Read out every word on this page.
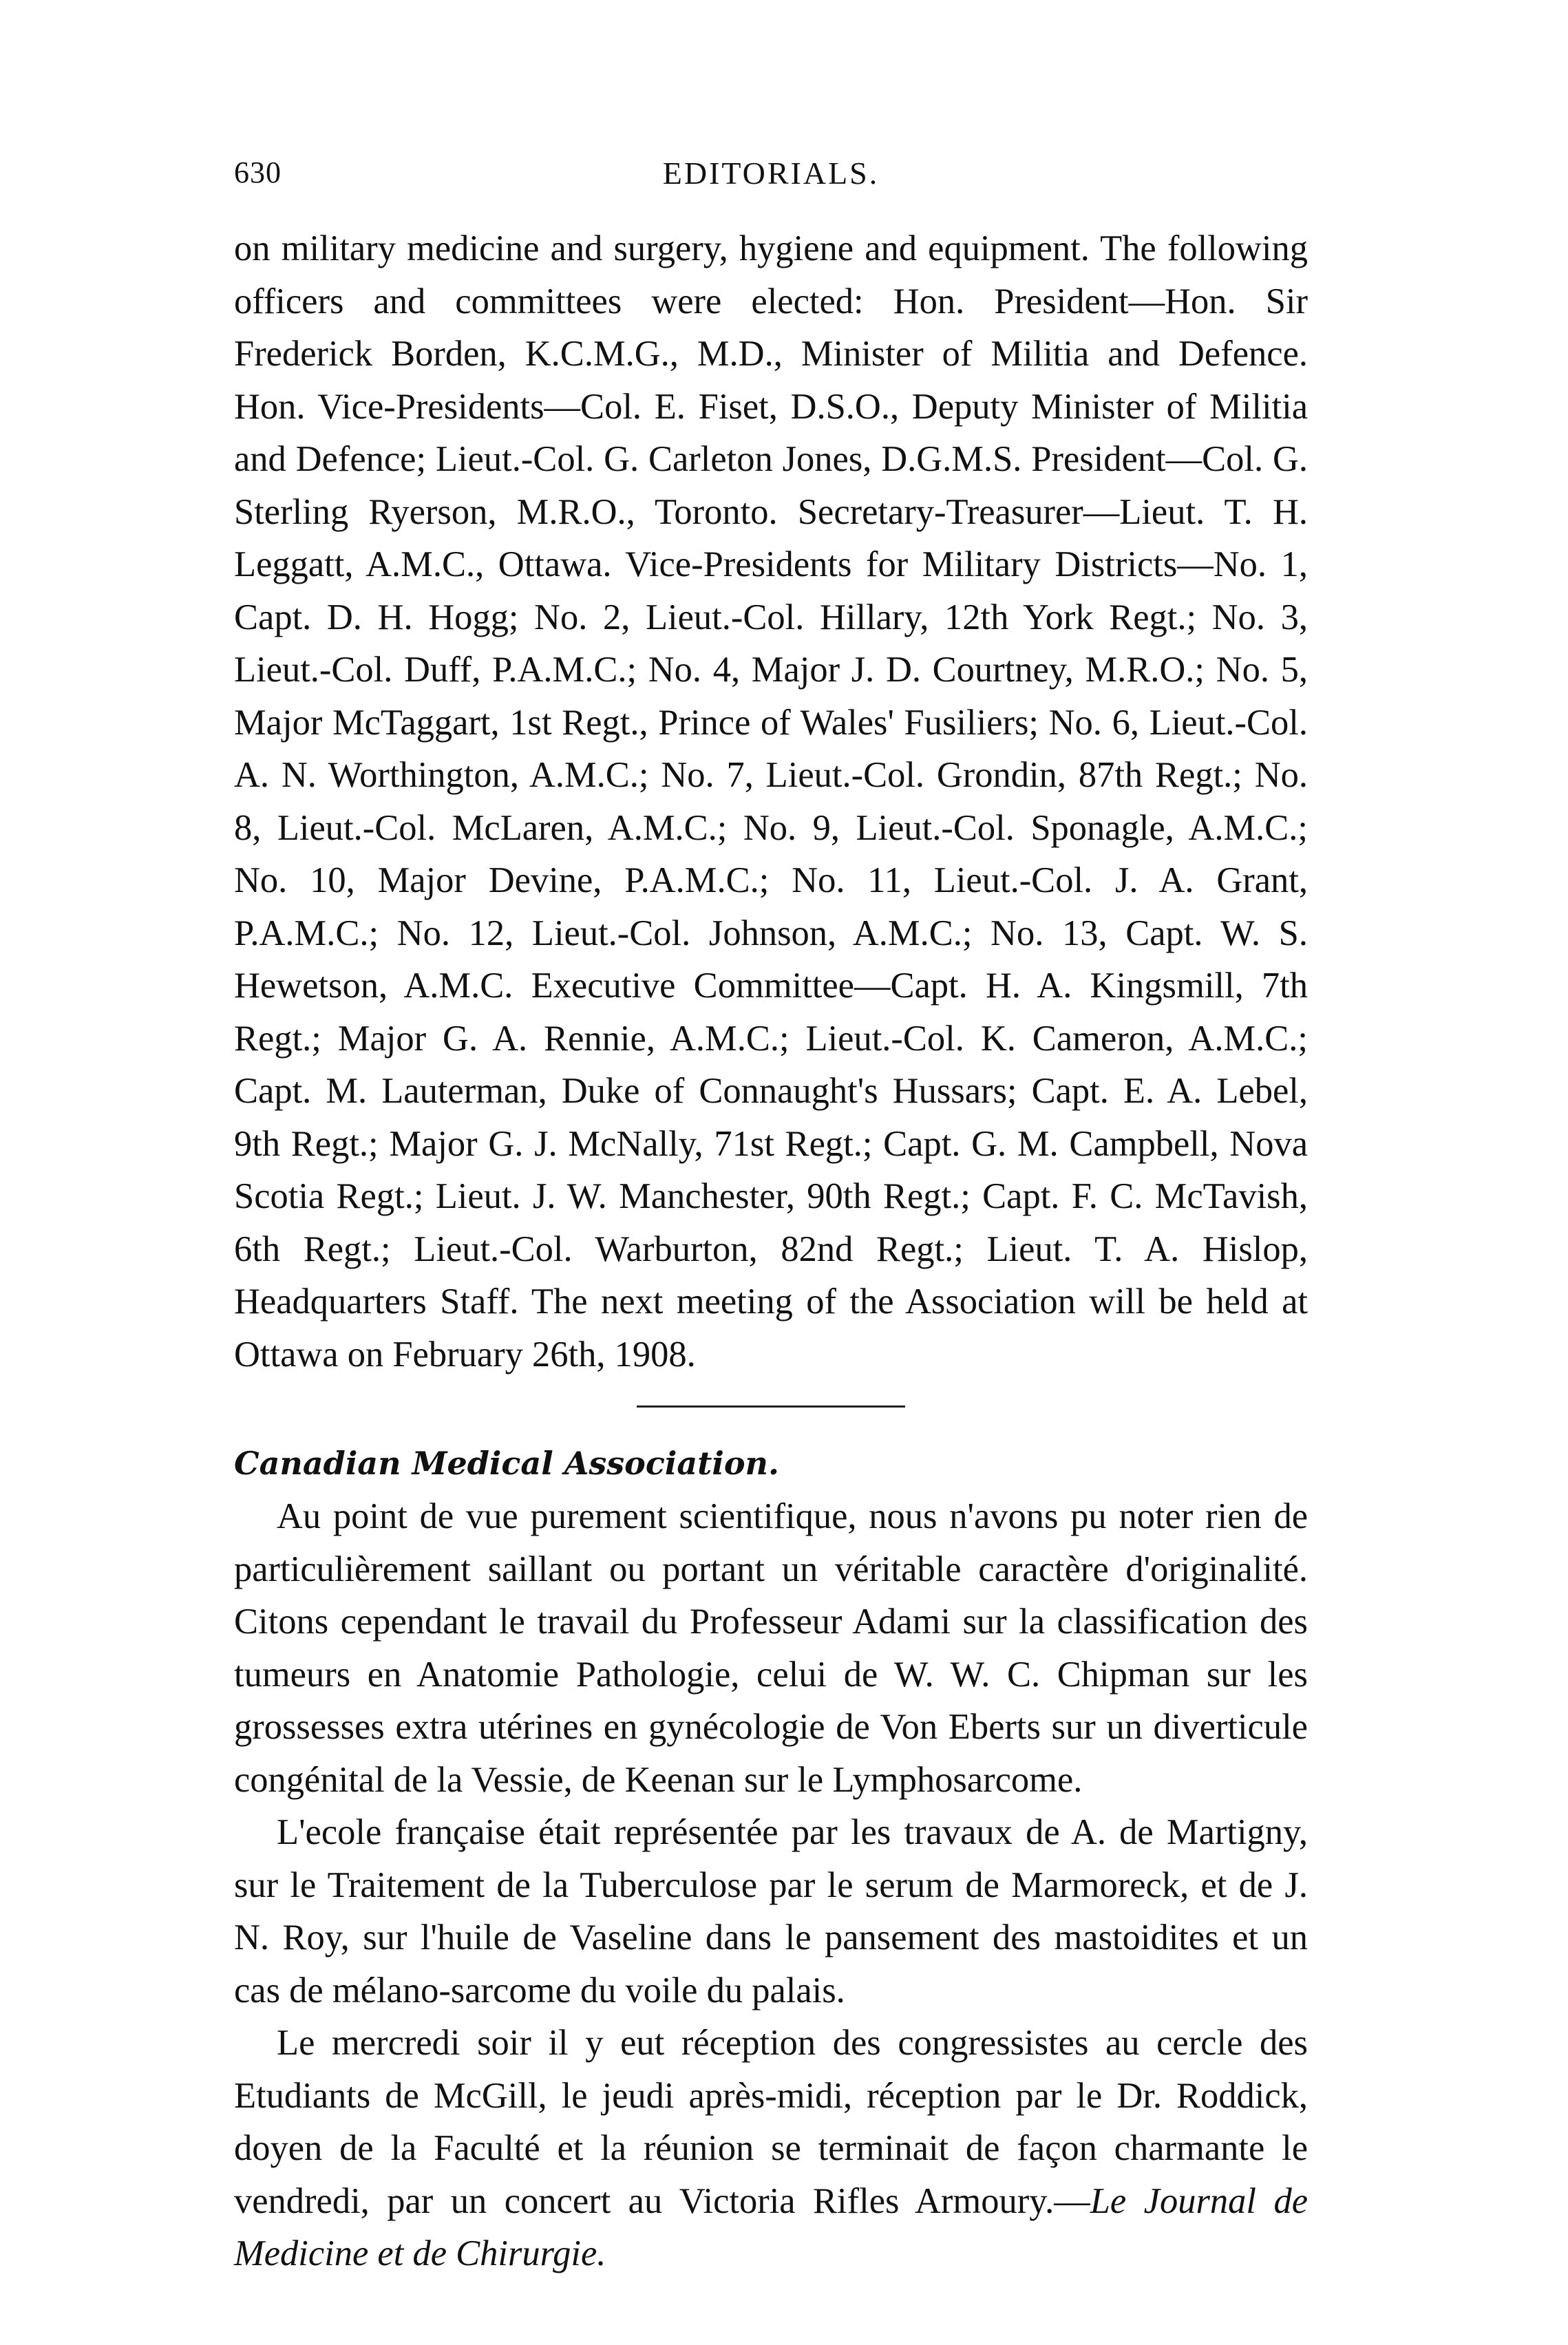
630	EDITORIALS.

on military medicine and surgery, hygiene and equipment. The following officers and committees were elected: Hon. President—Hon. Sir Frederick Borden, K.C.M.G., M.D., Minister of Militia and Defence. Hon. Vice-Presidents—Col. E. Fiset, D.S.O., Deputy Minister of Militia and Defence; Lieut.-Col. G. Carleton Jones, D.G.M.S. President—Col. G. Sterling Ryerson, M.R.O., Toronto. Secretary-Treasurer—Lieut. T. H. Leggatt, A.M.C., Ottawa. Vice-Presidents for Military Districts—No. 1, Capt. D. H. Hogg; No. 2, Lieut.-Col. Hillary, 12th York Regt.; No. 3, Lieut.-Col. Duff, P.A.M.C.; No. 4, Major J. D. Courtney, M.R.O.; No. 5, Major McTaggart, 1st Regt., Prince of Wales' Fusiliers; No. 6, Lieut.-Col. A. N. Worthington, A.M.C.; No. 7, Lieut.-Col. Grondin, 87th Regt.; No. 8, Lieut.-Col. McLaren, A.M.C.; No. 9, Lieut.-Col. Sponagle, A.M.C.; No. 10, Major Devine, P.A.M.C.; No. 11, Lieut.-Col. J. A. Grant, P.A.M.C.; No. 12, Lieut.-Col. Johnson, A.M.C.; No. 13, Capt. W. S. Hewetson, A.M.C. Executive Committee—Capt. H. A. Kingsmill, 7th Regt.; Major G. A. Rennie, A.M.C.; Lieut.-Col. K. Cameron, A.M.C.; Capt. M. Lauterman, Duke of Connaught's Hussars; Capt. E. A. Lebel, 9th Regt.; Major G. J. McNally, 71st Regt.; Capt. G. M. Campbell, Nova Scotia Regt.; Lieut. J. W. Manchester, 90th Regt.; Capt. F. C. McTavish, 6th Regt.; Lieut.-Col. Warburton, 82nd Regt.; Lieut. T. A. Hislop, Headquarters Staff. The next meeting of the Association will be held at Ottawa on February 26th, 1908.

Canadian Medical Association.

Au point de vue purement scientifique, nous n'avons pu noter rien de particulièrement saillant ou portant un véritable caractère d'originalité. Citons cependant le travail du Professeur Adami sur la classification des tumeurs en Anatomie Pathologie, celui de W. W. C. Chipman sur les grossesses extra utérines en gynécologie de Von Eberts sur un diverticule congénital de la Vessie, de Keenan sur le Lymphosarcome.

L'ecole française était représentée par les travaux de A. de Martigny, sur le Traitement de la Tuberculose par le serum de Marmoreck, et de J. N. Roy, sur l'huile de Vaseline dans le pansement des mastoidites et un cas de mélano-sarcome du voile du palais.

Le mercredi soir il y eut réception des congressistes au cercle des Etudiants de McGill, le jeudi après-midi, réception par le Dr. Roddick, doyen de la Faculté et la réunion se terminait de façon charmante le vendredi, par un concert au Victoria Rifles Armoury.—Le Journal de Medicine et de Chirurgie.
